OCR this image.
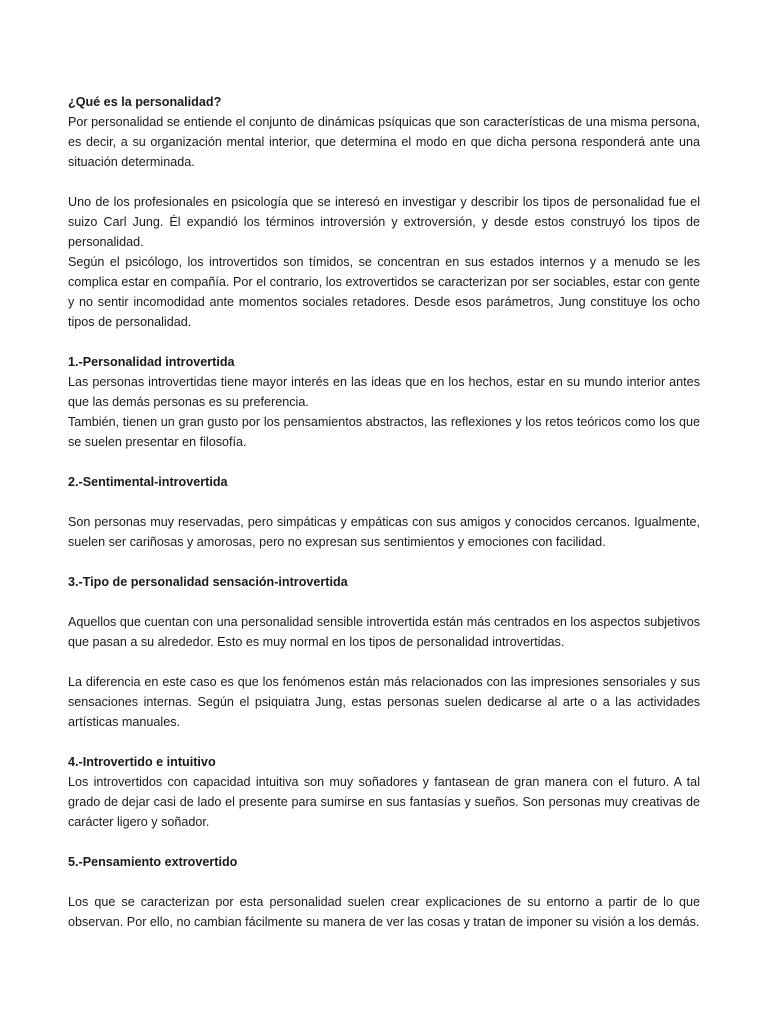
¿Qué es la personalidad?

Por personalidad se entiende el conjunto de dinámicas psíquicas que son características de una misma persona, es decir, a su organización mental interior, que determina el modo en que dicha persona responderá ante una situación determinada.

Uno de los profesionales en psicología que se interesó en investigar y describir los tipos de personalidad fue el suizo Carl Jung. Él expandió los términos introversión y extroversión, y desde estos construyó los tipos de personalidad.

Según el psicólogo, los introvertidos son tímidos, se concentran en sus estados internos y a menudo se les complica estar en compañía. Por el contrario, los extrovertidos se caracterizan por ser sociables, estar con gente y no sentir incomodidad ante momentos sociales retadores. Desde esos parámetros, Jung constituye los ocho tipos de personalidad.

1.-Personalidad introvertida

Las personas introvertidas tiene mayor interés en las ideas que en los hechos, estar en su mundo interior antes que las demás personas es su preferencia.

También, tienen un gran gusto por los pensamientos abstractos, las reflexiones y los retos teóricos como los que se suelen presentar en filosofía.

2.-Sentimental-introvertida

Son personas muy reservadas, pero simpáticas y empáticas con sus amigos y conocidos cercanos. Igualmente, suelen ser cariñosas y amorosas, pero no expresan sus sentimientos y emociones con facilidad.

3.-Tipo de personalidad sensación-introvertida

Aquellos que cuentan con una personalidad sensible introvertida están más centrados en los aspectos subjetivos que pasan a su alrededor. Esto es muy normal en los tipos de personalidad introvertidas.

La diferencia en este caso es que los fenómenos están más relacionados con las impresiones sensoriales y sus sensaciones internas. Según el psiquiatra Jung, estas personas suelen dedicarse al arte o a las actividades artísticas manuales.

4.-Introvertido e intuitivo

Los introvertidos con capacidad intuitiva son muy soñadores y fantasean de gran manera con el futuro. A tal grado de dejar casi de lado el presente para sumirse en sus fantasías y sueños. Son personas muy creativas de carácter ligero y soñador.

5.-Pensamiento extrovertido

Los que se caracterizan por esta personalidad suelen crear explicaciones de su entorno a partir de lo que observan. Por ello, no cambian fácilmente su manera de ver las cosas y tratan de imponer su visión a los demás.
